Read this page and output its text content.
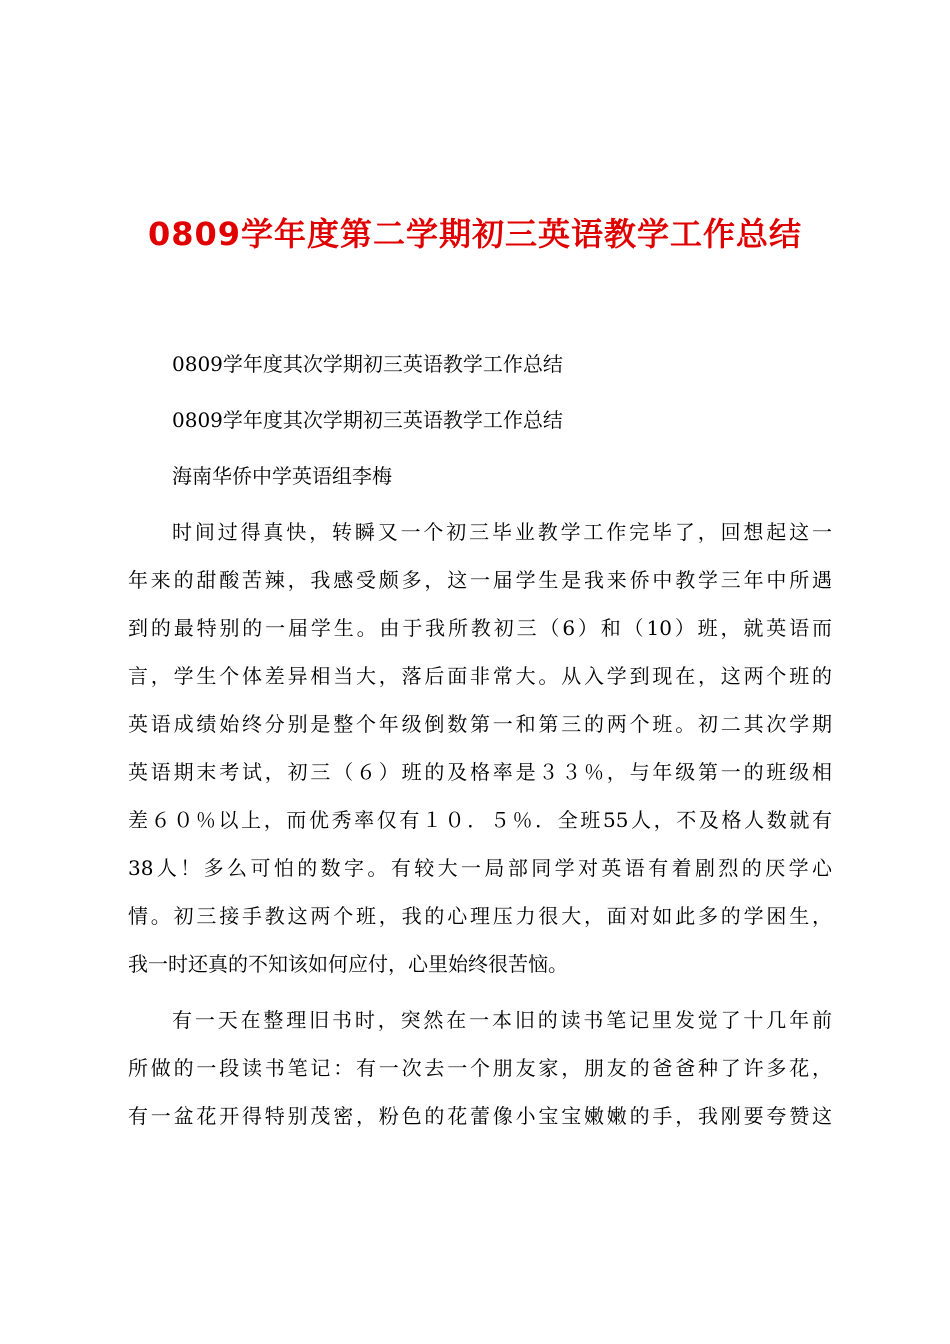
0809学年度第二学期初三英语教学工作总结

0809学年度其次学期初三英语教学工作总结

0809学年度其次学期初三英语教学工作总结

海南华侨中学英语组李梅

时间过得真快，转瞬又一个初三毕业教学工作完毕了，回想起这一

年来的甜酸苦辣，我感受颇多，这一届学生是我来侨中教学三年中所遇

到的最特别的一届学生。由于我所教初三（6）和（10）班，就英语而

言，学生个体差异相当大，落后面非常大。从入学到现在，这两个班的

英语成绩始终分别是整个年级倒数第一和第三的两个班。初二其次学期

英语期末考试，初三（６）班的及格率是３３％，与年级第一的班级相

差６０％以上，而优秀率仅有１０．５％．全班55人，不及格人数就有

38人！多么可怕的数字。有较大一局部同学对英语有着剧烈的厌学心

情。初三接手教这两个班，我的心理压力很大，面对如此多的学困生，

我一时还真的不知该如何应付，心里始终很苦恼。

有一天在整理旧书时，突然在一本旧的读书笔记里发觉了十几年前

所做的一段读书笔记：有一次去一个朋友家，朋友的爸爸种了许多花，

有一盆花开得特别茂密，粉色的花蕾像小宝宝嫩嫩的手，我刚要夸赞这
